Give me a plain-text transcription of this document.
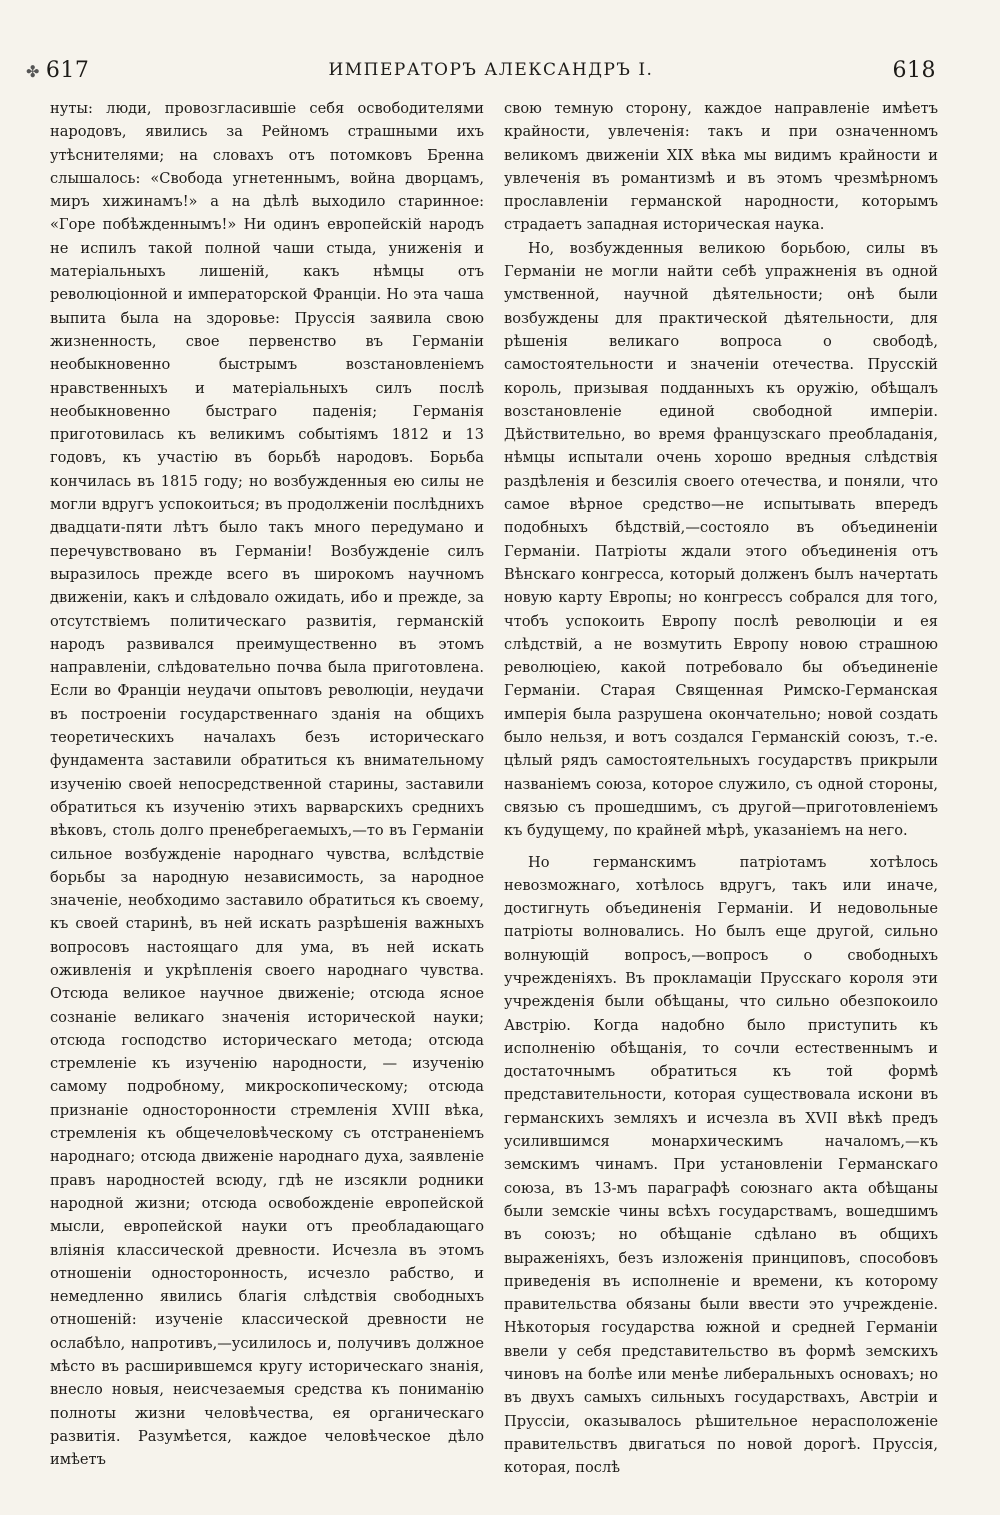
✤ 617	ИМПЕРАТОРЪ АЛЕКСАНДРЪ I.	618

нуты: люди, провозгласившіе себя освободителями народовъ, явились за Рейномъ страшными ихъ утѣснителями; на словахъ отъ потомковъ Бренна слышалось: «Свобода угнетеннымъ, война дворцамъ, миръ хижинамъ!» а на дѣлѣ выходило старинное: «Горе побѣжденнымъ!» Ни одинъ европейскій народъ не испилъ такой полной чаши стыда, униженія и матеріальныхъ лишеній, какъ нѣмцы отъ революціонной и императорской Франціи. Но эта чаша выпита была на здоровье: Пруссія заявила свою жизненность, свое первенство въ Германіи необыкновенно быстрымъ возстановленіемъ нравственныхъ и матеріальныхъ силъ послѣ необыкновенно быстраго паденія; Германія приготовилась къ великимъ событіямъ 1812 и 13 годовъ, къ участію въ борьбѣ народовъ. Борьба кончилась въ 1815 году; но возбужденныя ею силы не могли вдругъ успокоиться; въ продолженіи послѣднихъ двадцати-пяти лѣтъ было такъ много передумано и перечувствовано въ Германіи! Возбужденіе силъ выразилось прежде всего въ широкомъ научномъ движеніи, какъ и слѣдовало ожидать, ибо и прежде, за отсутствіемъ политическаго развитія, германскій народъ развивался преимущественно въ этомъ направленіи, слѣдовательно почва была приготовлена. Если во Франціи неудачи опытовъ революціи, неудачи въ построеніи государственнаго зданія на общихъ теоретическихъ началахъ безъ историческаго фундамента заставили обратиться къ внимательному изученію своей непосредственной старины, заставили обратиться къ изученію этихъ варварскихъ среднихъ вѣковъ, столь долго пренебрегаемыхъ,—то въ Германіи сильное возбужденіе народнаго чувства, вслѣдствіе борьбы за народную независимость, за народное значеніе, необходимо заставило обратиться къ своему, къ своей старинѣ, въ ней искать разрѣшенія важныхъ вопросовъ настоящаго для ума, въ ней искать оживленія и укрѣпленія своего народнаго чувства. Отсюда великое научное движеніе; отсюда ясное сознаніе великаго значенія исторической науки; отсюда господство историческаго метода; отсюда стремленіе къ изученію народности, — изученію самому подробному, микроскопическому; отсюда признаніе односторонности стремленія XVIII вѣка, стремленія къ общечеловѣческому съ отстраненіемъ народнаго; отсюда движеніе народнаго духа, заявленіе правъ народностей всюду, гдѣ не изсякли родники народной жизни; отсюда освобожденіе европейской мысли, европейской науки отъ преобладающаго вліянія классической древности. Исчезла въ этомъ отношеніи односторонность, исчезло рабство, и немедленно явились благія слѣдствія свободныхъ отношеній: изученіе классической древности не ослабѣло, напротивъ,—усилилось и, получивъ должное мѣсто въ расширившемся кругу историческаго знанія, внесло новыя, неисчезаемыя средства къ пониманію полноты жизни человѣчества, ея органическаго развитія. Разумѣется, каждое человѣческое дѣло имѣетъ

свою темную сторону, каждое направленіе имѣетъ крайности, увлеченія: такъ и при означенномъ великомъ движеніи XIX вѣка мы видимъ крайности и увлеченія въ романтизмѣ и въ этомъ чрезмѣрномъ прославленіи германской народности, которымъ страдаетъ западная историческая наука.

Но, возбужденныя великою борьбою, силы въ Германіи не могли найти себѣ упражненія въ одной умственной, научной дѣятельности; онѣ были возбуждены для практической дѣятельности, для рѣшенія великаго вопроса о свободѣ, самостоятельности и значеніи отечества. Прусскій король, призывая подданныхъ къ оружію, обѣщалъ возстановленіе единой свободной имперіи. Дѣйствительно, во время французскаго преобладанія, нѣмцы испытали очень хорошо вредныя слѣдствія раздѣленія и безсилія своего отечества, и поняли, что самое вѣрное средство—не испытывать впередъ подобныхъ бѣдствій,—состояло въ объединеніи Германіи. Патріоты ждали этого объединенія отъ Вѣнскаго конгресса, который долженъ былъ начертать новую карту Европы; но конгрессъ собрался для того, чтобъ успокоить Европу послѣ революціи и ея слѣдствій, а не возмутить Европу новою страшною революціею, какой потребовало бы объединеніе Германіи. Старая Священная Римско-Германская имперія была разрушена окончательно; новой создать было нельзя, и вотъ создался Германскій союзъ, т.-е. цѣлый рядъ самостоятельныхъ государствъ прикрыли названіемъ союза, которое служило, съ одной стороны, связью съ прошедшимъ, съ другой—приготовленіемъ къ будущему, по крайней мѣрѣ, указаніемъ на него.

Но германскимъ патріотамъ хотѣлось невозможнаго, хотѣлось вдругъ, такъ или иначе, достигнуть объединенія Германіи. И недовольные патріоты волновались. Но былъ еще другой, сильно волнующій вопросъ,—вопросъ о свободныхъ учрежденіяхъ. Въ прокламаціи Прусскаго короля эти учрежденія были обѣщаны, что сильно обезпокоило Австрію. Когда надобно было приступить къ исполненію обѣщанія, то сочли естественнымъ и достаточнымъ обратиться къ той формѣ представительности, которая существовала искони въ германскихъ земляхъ и исчезла въ XVII вѣкѣ предъ усилившимся монархическимъ началомъ,—къ земскимъ чинамъ. При установленіи Германскаго союза, въ 13-мъ параграфѣ союзнаго акта обѣщаны были земскіе чины всѣхъ государствамъ, вошедшимъ въ союзъ; но обѣщаніе сдѣлано въ общихъ выраженіяхъ, безъ изложенія принциповъ, способовъ приведенія въ исполненіе и времени, къ которому правительства обязаны были ввести это учрежденіе. Нѣкоторыя государства южной и средней Германіи ввели у себя представительство въ формѣ земскихъ чиновъ на болѣе или менѣе либеральныхъ основахъ; но въ двухъ самыхъ сильныхъ государствахъ, Австріи и Пруссіи, оказывалось рѣшительное нерасположеніе правительствъ двигаться по новой дорогѣ. Пруссія, которая, послѣ
